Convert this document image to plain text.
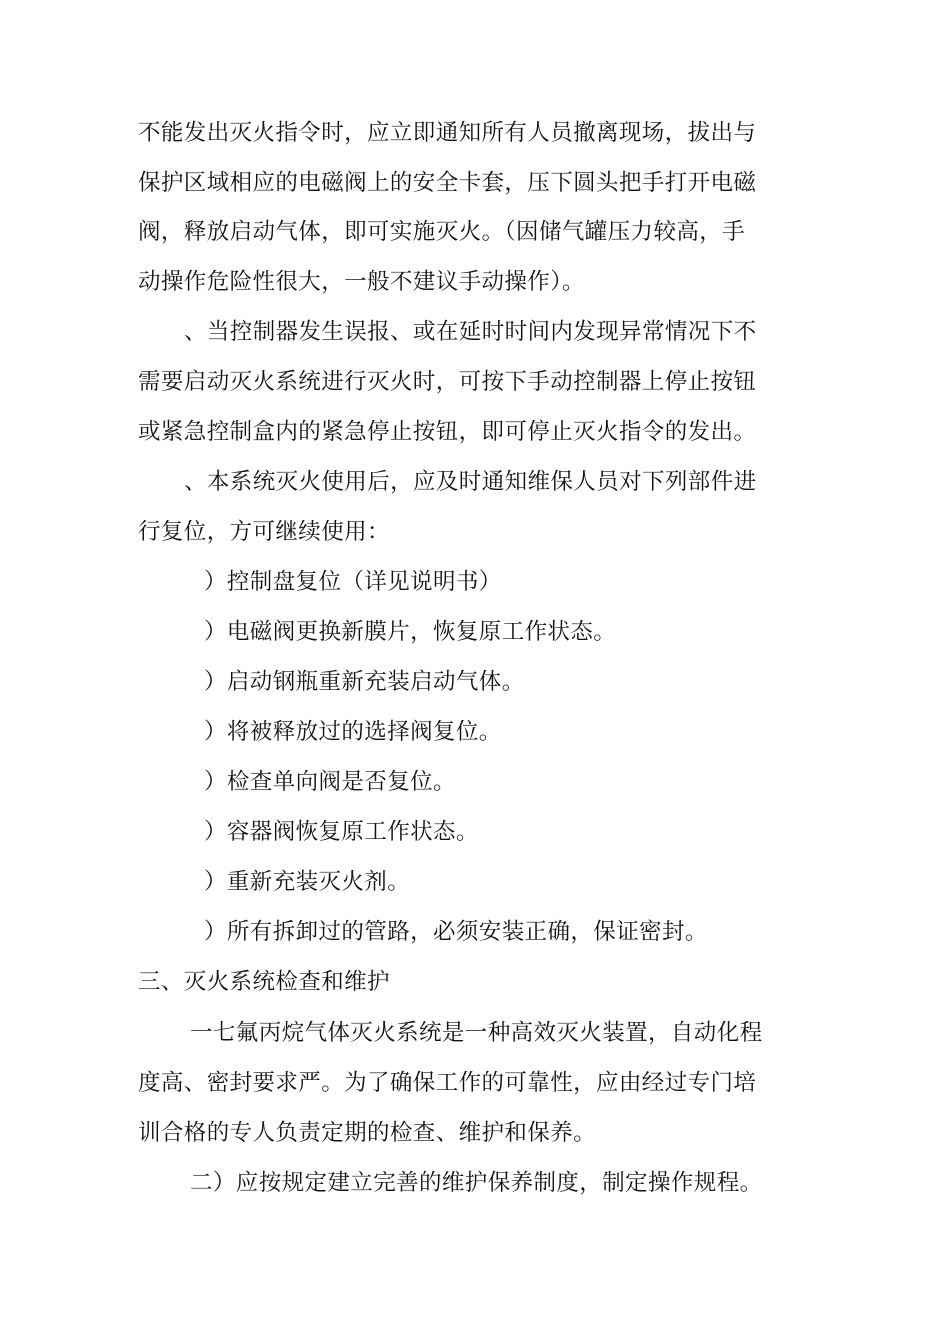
不能发出灭火指令时，应立即通知所有人员撤离现场，拔出与
保护区域相应的电磁阀上的安全卡套，压下圆头把手打开电磁
阀，释放启动气体，即可实施灭火。（因储气罐压力较高，手
动操作危险性很大，一般不建议手动操作）。
、当控制器发生误报、或在延时时间内发现异常情况下不
需要启动灭火系统进行灭火时，可按下手动控制器上停止按钮
或紧急控制盒内的紧急停止按钮，即可停止灭火指令的发出。
、本系统灭火使用后，应及时通知维保人员对下列部件进
行复位，方可继续使用：
）控制盘复位（详见说明书）
）电磁阀更换新膜片，恢复原工作状态。
）启动钢瓶重新充装启动气体。
）将被释放过的选择阀复位。
）检查单向阀是否复位。
）容器阀恢复原工作状态。
）重新充装灭火剂。
）所有拆卸过的管路，必须安装正确，保证密封。
三、灭火系统检查和维护
一七氟丙烷气体灭火系统是一种高效灭火装置，自动化程
度高、密封要求严。为了确保工作的可靠性，应由经过专门培
训合格的专人负责定期的检查、维护和保养。
二）应按规定建立完善的维护保养制度，制定操作规程。
